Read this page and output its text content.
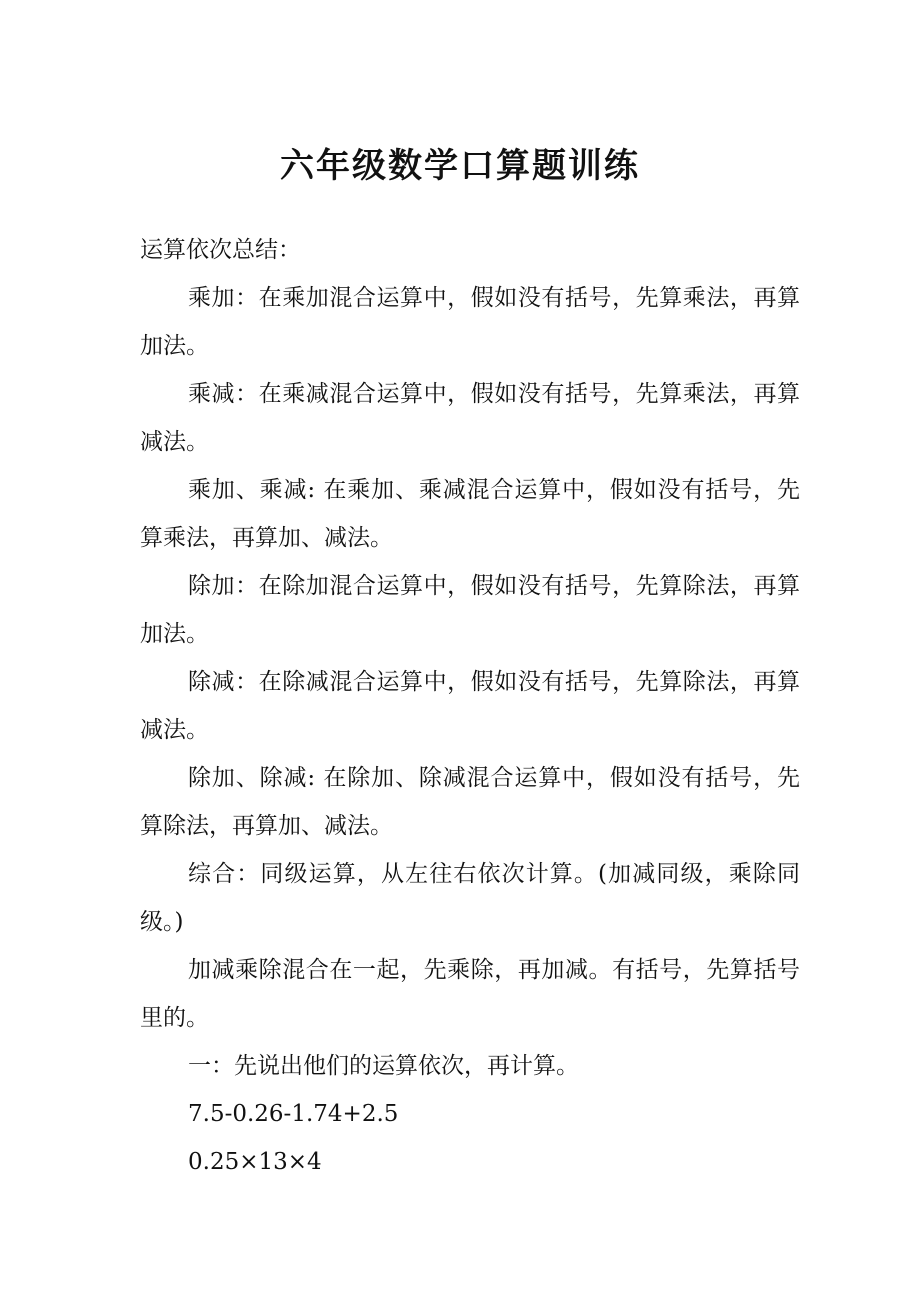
六年级数学口算题训练

运算依次总结：

乘加：在乘加混合运算中，假如没有括号，先算乘法，再算加法。

乘减：在乘减混合运算中，假如没有括号，先算乘法，再算减法。

乘加、乘减: 在乘加、乘减混合运算中，假如没有括号，先算乘法，再算加、减法。

除加：在除加混合运算中，假如没有括号，先算除法，再算加法。

除减：在除减混合运算中，假如没有括号，先算除法，再算减法。

除加、除减: 在除加、除减混合运算中，假如没有括号，先算除法，再算加、减法。

综合：同级运算，从左往右依次计算。(加减同级，乘除同级。)

加减乘除混合在一起，先乘除，再加减。有括号，先算括号里的。

一：先说出他们的运算依次，再计算。

7.5-0.26-1.74+2.5

0.25×13×4
